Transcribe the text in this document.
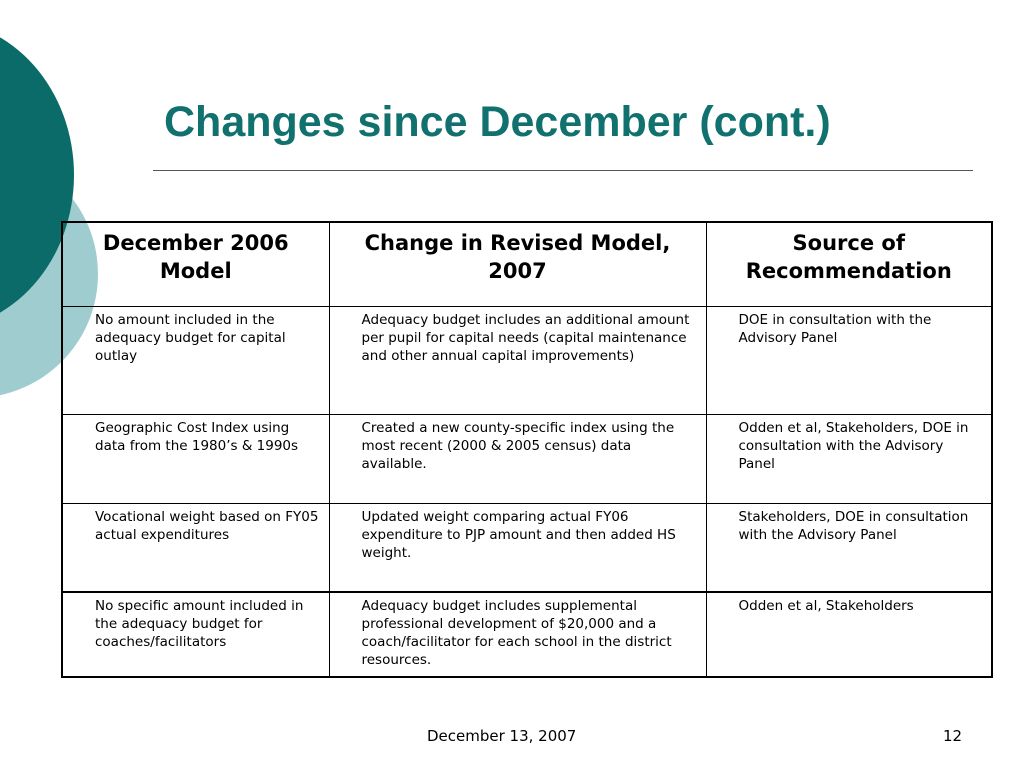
Changes since December (cont.)
December 2006 Model	Change in Revised Model, 2007	Source of Recommendation
No amount included in the adequacy budget for capital outlay	Adequacy budget includes an additional amount per pupil for capital needs (capital maintenance and other annual capital improvements)	DOE in consultation with the Advisory Panel
Geographic Cost Index using data from the 1980’s & 1990s	Created a new county-specific index using the most recent (2000 & 2005 census) data available.	Odden et al, Stakeholders, DOE in consultation with the Advisory Panel
Vocational weight based on FY05 actual expenditures	Updated weight comparing actual FY06 expenditure to PJP amount and then added HS weight.	Stakeholders, DOE in consultation with the Advisory Panel
No specific amount included in the adequacy budget for coaches/facilitators	Adequacy budget includes supplemental professional development of $20,000 and a coach/facilitator for each school in the district resources.	Odden et al, Stakeholders
December 13, 2007	12
